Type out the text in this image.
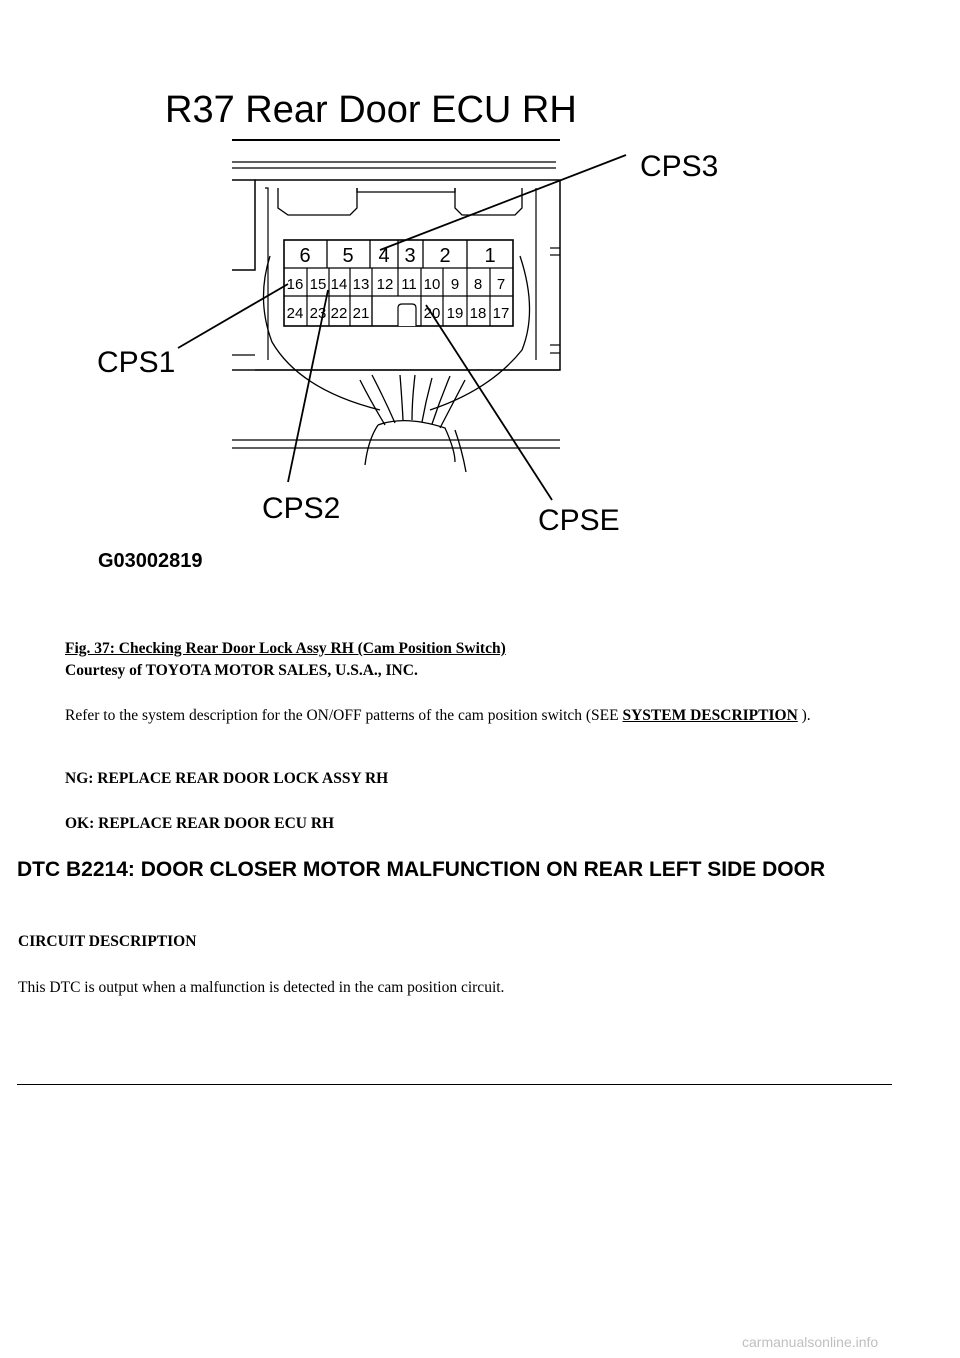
R37 Rear Door ECU RH
6 5 4 3 2 1
16 15 14 13 12 11 10 9 8 7
24 23 22 21	20 19 18 17
CPS1
CPS2
CPS3
CPSE
G03002819
Fig. 37: Checking Rear Door Lock Assy RH (Cam Position Switch)
Courtesy of TOYOTA MOTOR SALES, U.S.A., INC.
Refer to the system description for the ON/OFF patterns of the cam position switch (SEE SYSTEM DESCRIPTION ).
NG: REPLACE REAR DOOR LOCK ASSY RH
OK: REPLACE REAR DOOR ECU RH
DTC B2214: DOOR CLOSER MOTOR MALFUNCTION ON REAR LEFT SIDE DOOR
CIRCUIT DESCRIPTION
This DTC is output when a malfunction is detected in the cam position circuit.
carmanualsonline.info
